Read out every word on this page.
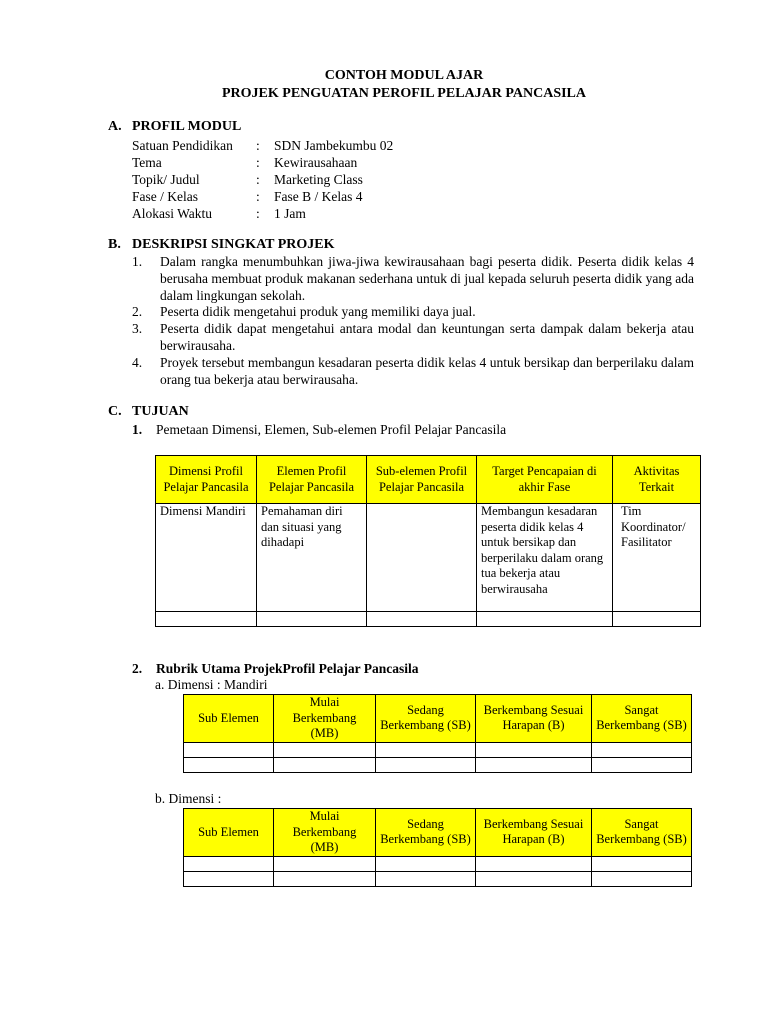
CONTOH MODUL AJAR
PROJEK PENGUATAN PEROFIL PELAJAR PANCASILA
A. PROFIL MODUL
Satuan Pendidikan	:	SDN Jambekumbu 02
Tema	:	Kewirausahaan
Topik/ Judul	:	Marketing Class
Fase / Kelas	:	Fase B / Kelas 4
Alokasi Waktu	:	1 Jam
B. DESKRIPSI SINGKAT PROJEK
1.	Dalam rangka menumbuhkan jiwa-jiwa kewirausahaan bagi peserta didik. Peserta didik kelas 4 berusaha membuat produk makanan sederhana untuk di jual kepada seluruh peserta didik yang ada dalam lingkungan sekolah.
2.	Peserta didik mengetahui produk yang memiliki daya jual.
3.	Peserta didik dapat mengetahui antara modal dan keuntungan serta dampak dalam bekerja atau berwirausaha.
4.	Proyek tersebut membangun kesadaran peserta didik kelas 4 untuk bersikap dan berperilaku dalam orang tua bekerja atau berwirausaha.
C. TUJUAN
1. Pemetaan Dimensi, Elemen, Sub-elemen Profil Pelajar Pancasila
Dimensi Profil Pelajar Pancasila	Elemen Profil Pelajar Pancasila	Sub-elemen Profil Pelajar Pancasila	Target Pencapaian di akhir Fase	Aktivitas Terkait
Dimensi Mandiri	Pemahaman diri dan situasi yang dihadapi		Membangun kesadaran peserta didik kelas 4 untuk bersikap dan berperilaku dalam orang tua bekerja atau berwirausaha	Tim Koordinator/ Fasilitator

2. Rubrik Utama ProjekProfil Pelajar Pancasila
a. Dimensi : Mandiri
Sub Elemen	Mulai Berkembang (MB)	Sedang Berkembang (SB)	Berkembang Sesuai Harapan (B)	Sangat Berkembang (SB)

b. Dimensi :
Sub Elemen	Mulai Berkembang (MB)	Sedang Berkembang (SB)	Berkembang Sesuai Harapan (B)	Sangat Berkembang (SB)
